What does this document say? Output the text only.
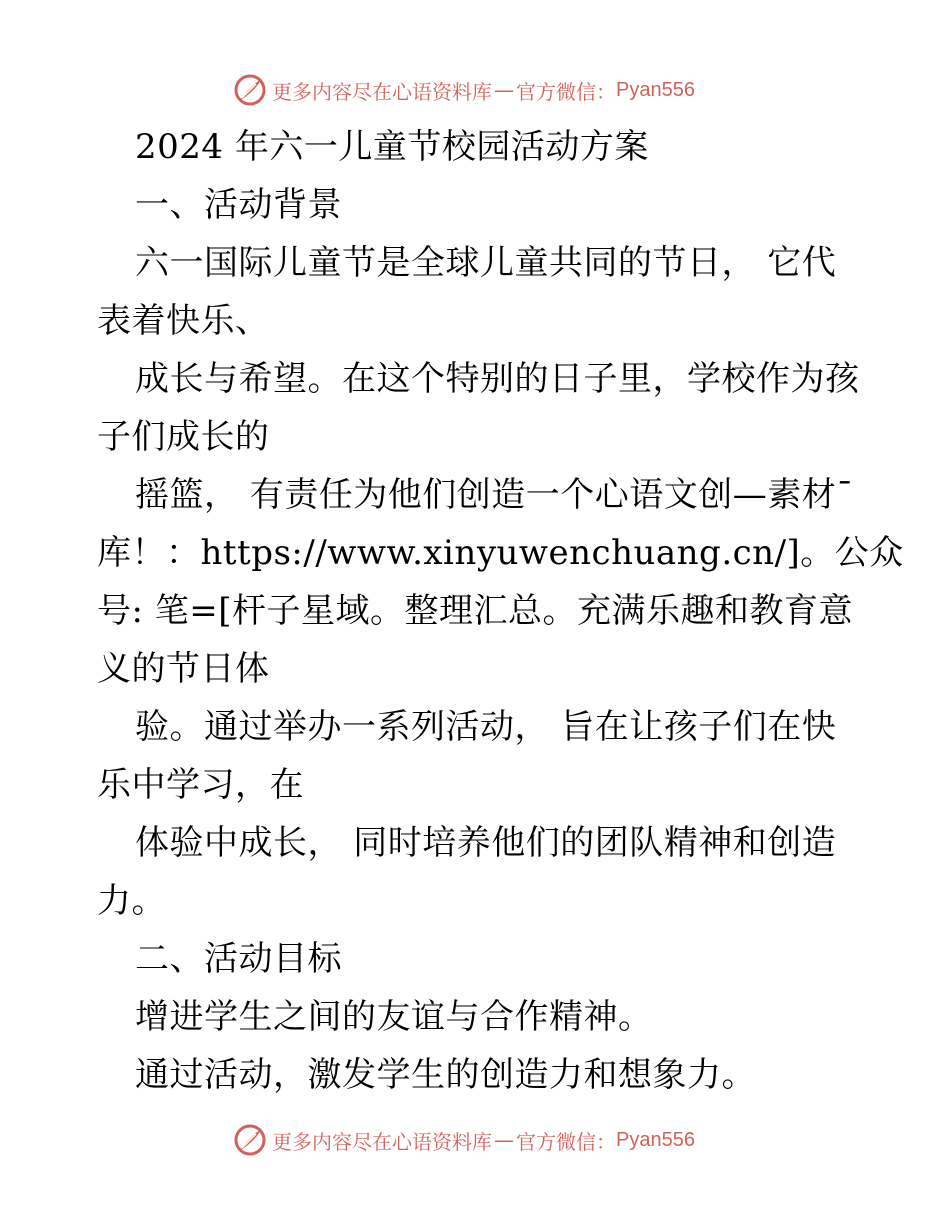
更多内容尽在心语资料库 — 官方微信： Pyan556
2024 年六一儿童节校园活动方案
一、活动背景
六一国际儿童节是全球儿童共同的节日， 它代
表着快乐、
成长与希望。在这个特别的日子里，学校作为孩
子们成长的
摇篮， 有责任为他们创造一个心语文创—素材¯
库！：https://www.xinyuwenchuang.cn/]。公众
号: 笔=[杆子星域。整理汇总。充满乐趣和教育意
义的节日体
验。通过举办一系列活动， 旨在让孩子们在快
乐中学习，在
体验中成长， 同时培养他们的团队精神和创造
力。
二、活动目标
增进学生之间的友谊与合作精神。
通过活动，激发学生的创造力和想象力。
更多内容尽在心语资料库 — 官方微信： Pyan556
